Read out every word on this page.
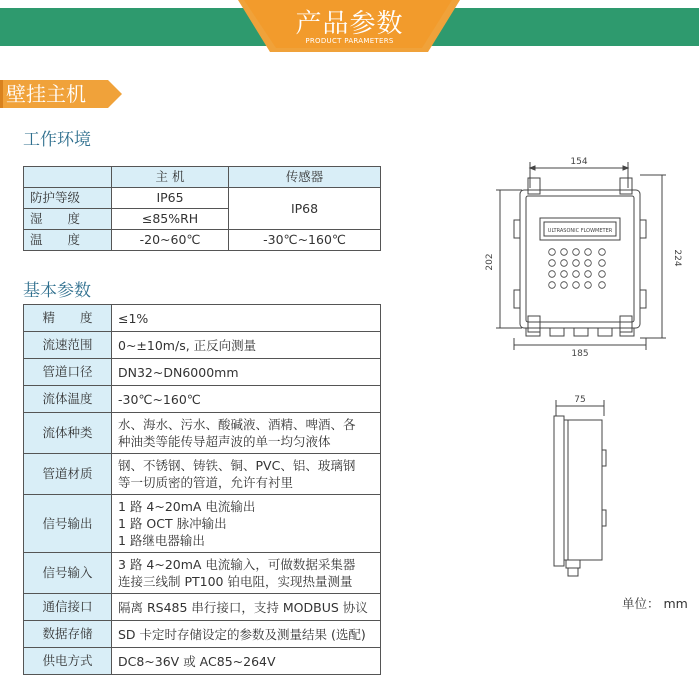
产品参数
PRODUCT PARAMETERS
壁挂主机
工作环境
	主 机	传感器
防护等级	IP65	IP68
湿　　度	≤85%RH	
温　　度	-20~60℃	-30℃~160℃
基本参数
精　　度	≤1%

流速范围	0~±10m/s, 正反向测量

管道口径	DN32~DN6000mm

流体温度	-30℃~160℃

流体种类	水、海水、污水、酸碱液、酒精、啤酒、各
种油类等能传导超声波的单一均匀液体

管道材质	钢、不锈钢、铸铁、铜、PVC、铝、玻璃钢
等一切质密的管道，允许有衬里

信号输出	1 路 4~20mA 电流输出
1 路 OCT 脉冲输出
1 路继电器输出

信号输入	3 路 4~20mA 电流输入，可做数据采集器
连接三线制 PT100 铂电阻，实现热量测量

通信接口	隔离 RS485 串行接口，支持 MODBUS 协议

数据存储	SD 卡定时存储设定的参数及测量结果 (选配)

供电方式	DC8~36V 或 AC85~264V
ULTRASONIC FLOWMETER
154
202	224
185
75
单位： mm
